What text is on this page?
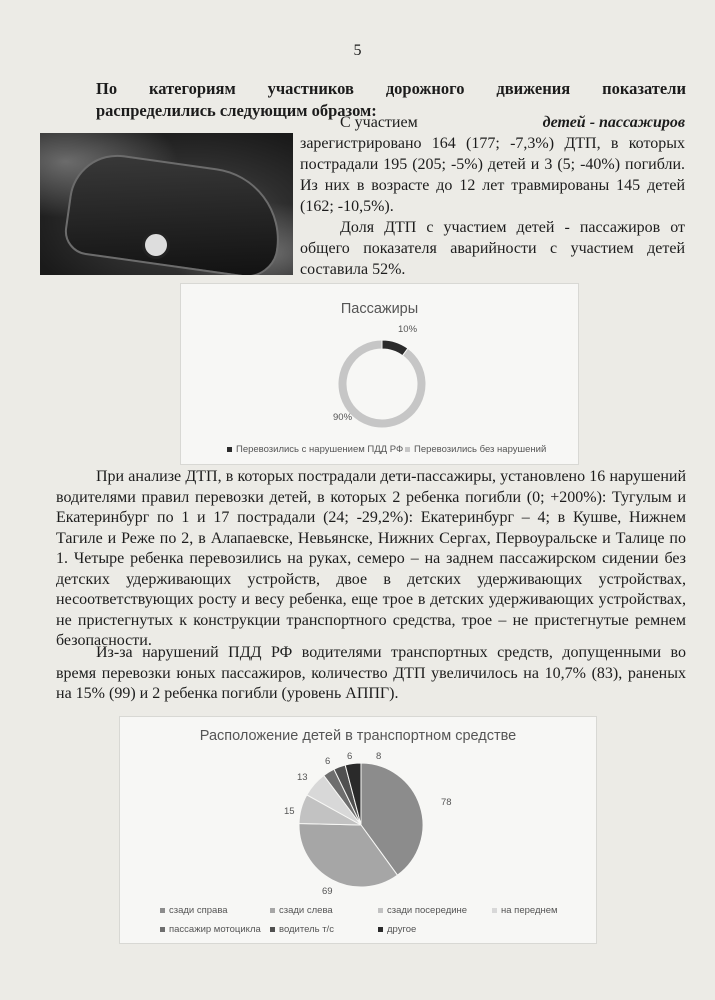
5
По категориям участников дорожного движения показатели
распределились следующим образом:
С участием	детей - пассажиров

зарегистрировано 164 (177; -7,3%) ДТП, в которых пострадали 195 (205; -5%) детей и 3 (5; -40%) погибли. Из них в возрасте до 12 лет травмированы 145 детей (162; -10,5%).

Доля ДТП с участием детей - пассажиров от общего показателя аварийности с участием детей составила 52%.

Пассажиры
10%
90%
Перевозились с нарушением ПДД РФ	Перевозились без нарушений

При анализе ДТП, в которых пострадали дети-пассажиры, установлено 16 нарушений водителями правил перевозки детей, в которых 2 ребенка погибли (0; +200%): Тугулым и Екатеринбург по 1 и 17 пострадали (24; -29,2%): Екатеринбург – 4; в Кушве, Нижнем Тагиле и Реже по 2, в Алапаевске, Невьянске, Нижних Сергах, Первоуральске и Талице по 1. Четыре ребенка перевозились на руках, семеро – на заднем пассажирском сидении без детских удерживающих устройств, двое в детских удерживающих устройствах, несоответствующих росту и весу ребенка, еще трое в детских удерживающих устройствах, не пристегнутых к конструкции транспортного средства, трое – не пристегнутые ремнем безопасности.

Из-за нарушений ПДД РФ водителями транспортных средств, допущенными во время перевозки юных пассажиров, количество ДТП увеличилось на 10,7% (83), раненых на 15% (99) и 2 ребенка погибли (уровень АППГ).

Расположение детей в транспортном средстве
78
69
15
13
6 6 8
сзади справа	сзади слева	сзади посередине	на переднем
пассажир мотоцикла	водитель т/с	другое
